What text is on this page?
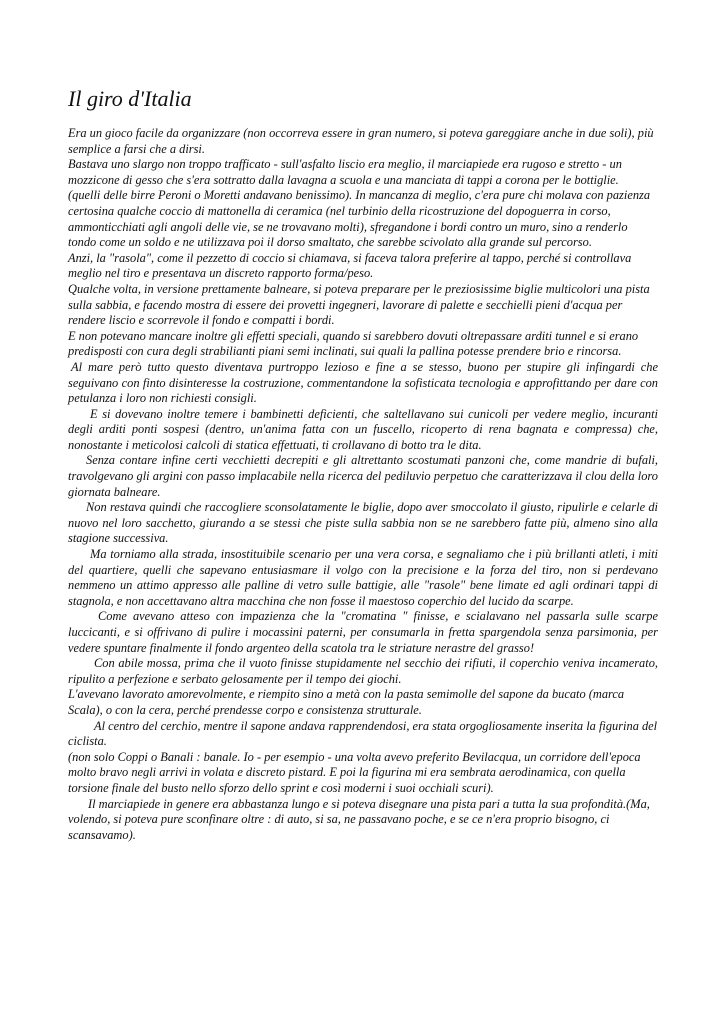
Il giro d'Italia

Era un gioco facile da organizzare (non occorreva essere in gran numero, si poteva gareggiare anche in due soli), più semplice a farsi che a dirsi.

Bastava uno slargo non troppo trafficato - sull'asfalto liscio era meglio, il marciapiede era rugoso e stretto - un mozzicone di gesso che s'era sottratto dalla lavagna a scuola e una manciata di tappi a corona per le bottiglie.

(quelli delle birre Peroni o Moretti andavano benissimo). In mancanza di meglio, c'era pure chi molava con pazienza certosina qualche coccio di mattonella di ceramica (nel turbinio della ricostruzione del dopoguerra in corso, ammonticchiati agli angoli delle vie, se ne trovavano molti), sfregandone i bordi contro un muro, sino a renderlo tondo come un soldo e ne utilizzava poi il dorso smaltato, che sarebbe scivolato alla grande sul percorso.

Anzi, la "rasola", come il pezzetto di coccio si chiamava, si faceva talora preferire al tappo, perché si controllava meglio nel tiro e presentava un discreto rapporto forma/peso.

Qualche volta, in versione prettamente balneare, si poteva preparare per le preziosissime biglie multicolori una pista sulla sabbia, e facendo mostra di essere dei provetti ingegneri, lavorare di palette e secchielli pieni d'acqua per rendere liscio e scorrevole il fondo e compatti i bordi.

E non potevano mancare inoltre gli effetti speciali, quando si sarebbero dovuti oltrepassare arditi tunnel e si erano predisposti con cura degli strabilianti piani semi inclinati, sui quali la pallina potesse prendere brio e rincorsa.

Al mare però tutto questo diventava purtroppo lezioso e fine a se stesso, buono per stupire gli infingardi che seguivano con finto disinteresse la costruzione, commentandone la sofisticata tecnologia e approfittando per dare con petulanza i loro non richiesti consigli.

E si dovevano inoltre temere i bambinetti deficienti, che saltellavano sui cunicoli per vedere meglio, incuranti degli arditi ponti sospesi (dentro, un'anima fatta con un fuscello, ricoperto di rena bagnata e compressa) che, nonostante i meticolosi calcoli di statica effettuati, ti crollavano di botto tra le dita.

Senza contare infine certi vecchietti decrepiti e gli altrettanto scostumati panzoni che, come mandrie di bufali, travolgevano gli argini con passo implacabile nella ricerca del pediluvio perpetuo che caratterizzava il clou della loro giornata balneare.

Non restava quindi che raccogliere sconsolatamente le biglie, dopo aver smoccolato il giusto, ripulirle e celarle di nuovo nel loro sacchetto, giurando a se stessi che piste sulla sabbia non se ne sarebbero fatte più, almeno sino alla stagione successiva.

Ma torniamo alla strada, insostituibile scenario per una vera corsa, e segnaliamo che i più brillanti atleti, i miti del quartiere, quelli che sapevano entusiasmare il volgo con la precisione e la forza del tiro, non si perdevano nemmeno un attimo appresso alle palline di vetro sulle battigie, alle "rasole" bene limate ed agli ordinari tappi di stagnola, e non accettavano altra macchina che non fosse il maestoso coperchio del lucido da scarpe.

Come avevano atteso con impazienza che la "cromatina " finisse, e scialavano nel passarla sulle scarpe luccicanti, e si offrivano di pulire i mocassini paterni, per consumarla in fretta spargendola senza parsimonia, per vedere spuntare finalmente il fondo argenteo della scatola tra le striature nerastre del grasso!

Con abile mossa, prima che il vuoto finisse stupidamente nel secchio dei rifiuti, il coperchio veniva incamerato, ripulito a perfezione e serbato gelosamente per il tempo dei giochi.

L'avevano lavorato amorevolmente, e riempito sino a metà con la pasta semimolle del sapone da bucato (marca Scala), o con la cera, perché prendesse corpo e consistenza strutturale.

Al centro del cerchio, mentre il sapone andava rapprendendosi, era stata orgogliosamente inserita la figurina del ciclista.

(non solo Coppi o Banali : banale. Io - per esempio - una volta avevo preferito Bevilacqua, un corridore dell'epoca molto bravo negli arrivi in volata e discreto pistard. E poi la figurina mi era sembrata aerodinamica, con quella torsione finale del busto nello sforzo dello sprint e così moderni i suoi occhiali scuri).

Il marciapiede in genere era abbastanza lungo e si poteva disegnare una pista pari a tutta la sua profondità.(Ma, volendo, si poteva pure sconfinare oltre : di auto, si sa, ne passavano poche, e se ce n'era proprio bisogno, ci scansavamo).
